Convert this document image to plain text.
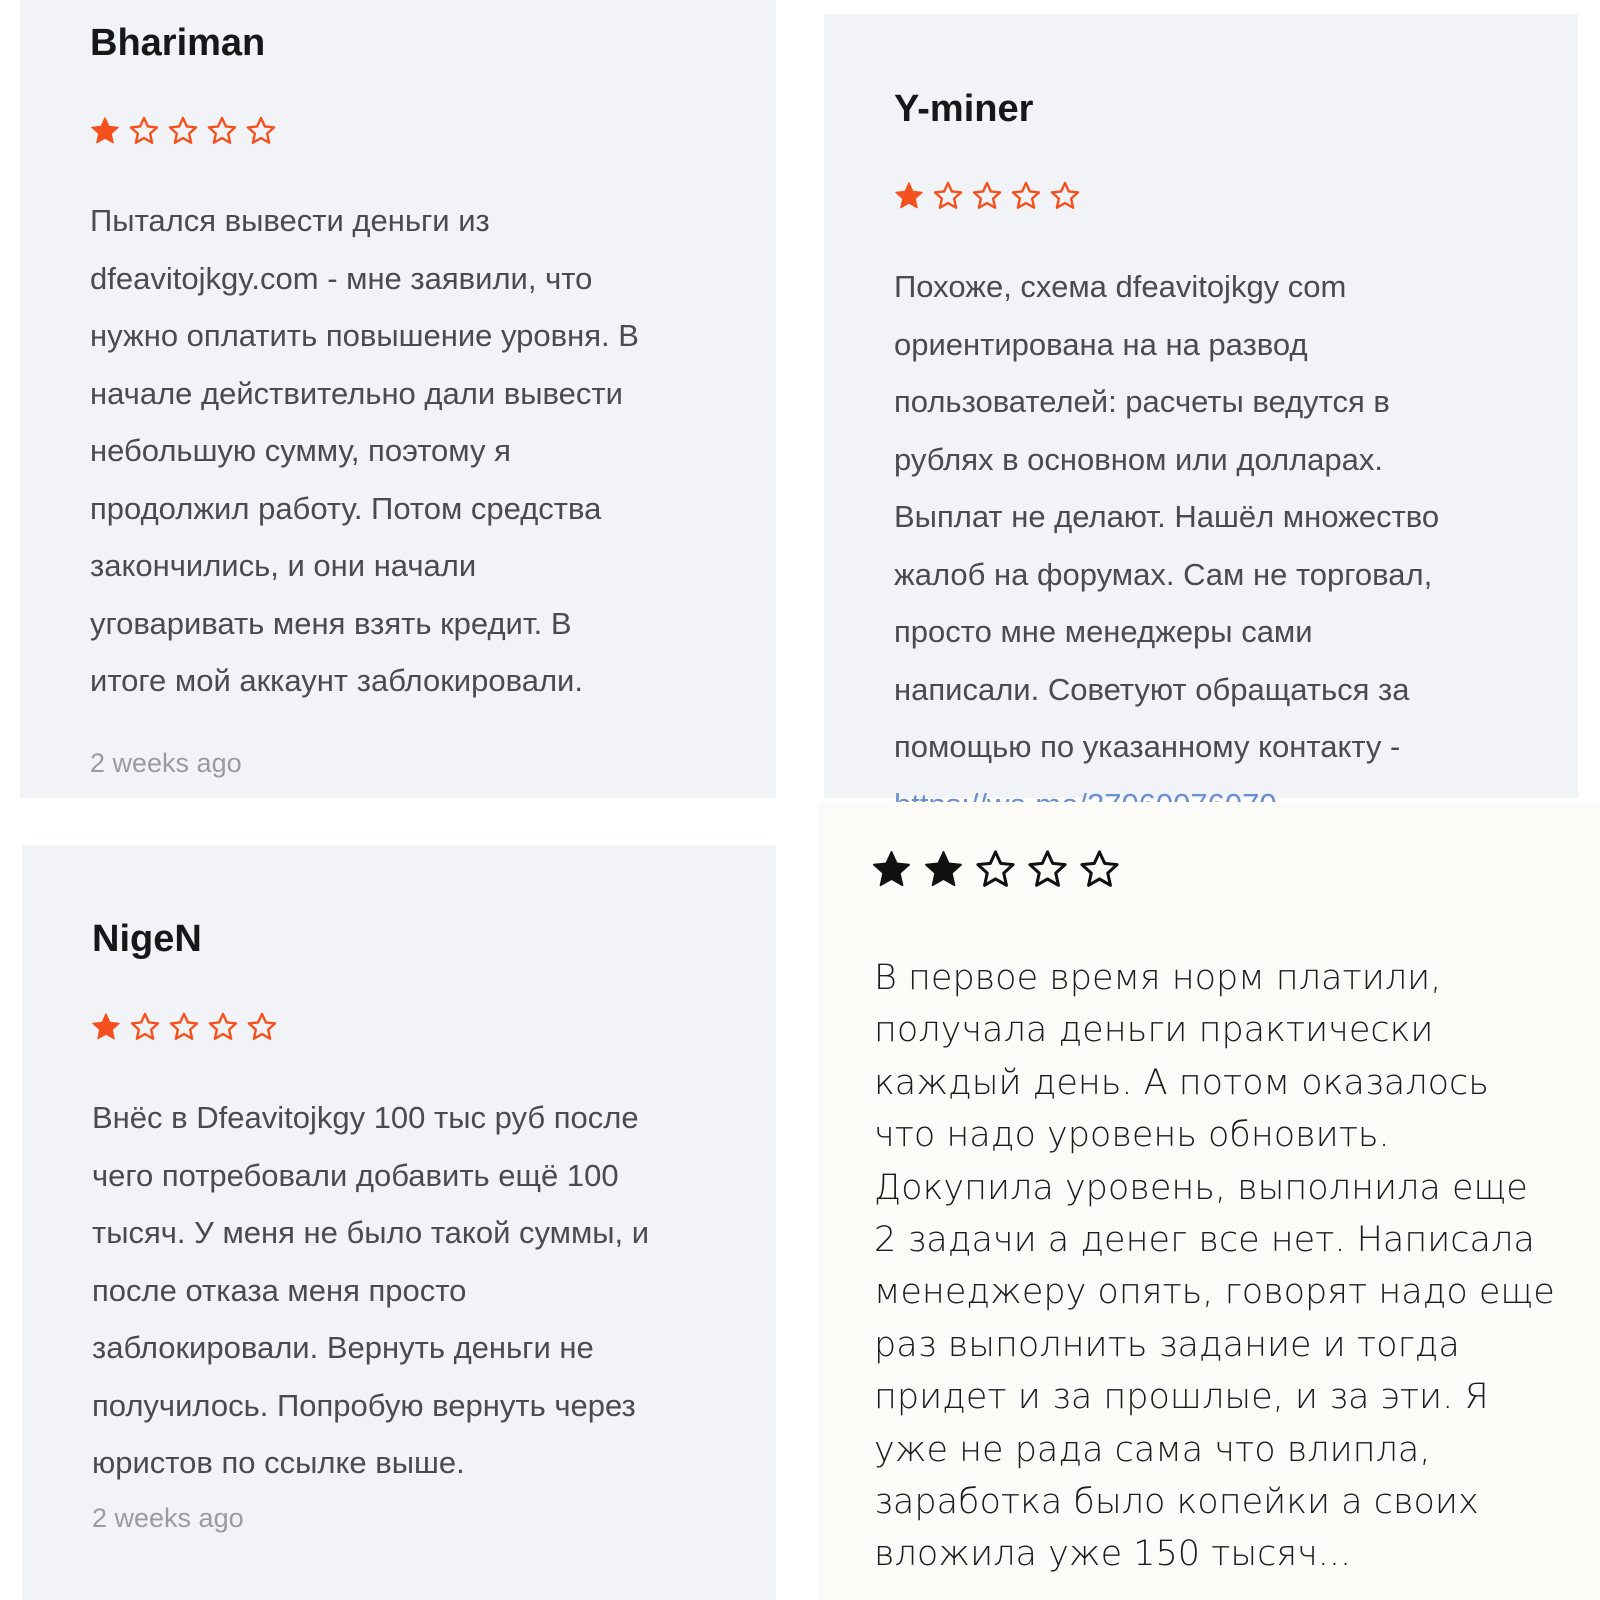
Bhariman

Пытался вывести деньги из
dfeavitojkgy.com - мне заявили, что
нужно оплатить повышение уровня. В
начале действительно дали вывести
небольшую сумму, поэтому я
продолжил работу. Потом средства
закончились, и они начали
уговаривать меня взять кредит. В
итоге мой аккаунт заблокировали.

2 weeks ago
Y-miner

Похоже, схема dfeavitojkgy com
ориентирована на на развод
пользователей: расчеты ведутся в
рублях в основном или долларах.
Выплат не делают. Нашёл множество
жалоб на форумах. Сам не торговал,
просто мне менеджеры сами
написали. Советуют обращаться за
помощью по указанному контакту -

NigeN

Внёс в Dfeavitojkgy 100 тыс руб после
чего потребовали добавить ещё 100
тысяч. У меня не было такой суммы, и
после отказа меня просто
заблокировали. Вернуть деньги не
получилось. Попробую вернуть через
юристов по ссылке выше.

2 weeks ago

В первое время норм платили,
получала деньги практически
каждый день. А потом оказалось
что надо уровень обновить.
Докупила уровень, выполнила еще
2 задачи а денег все нет. Написала
менеджеру опять, говорят надо еще
раз выполнить задание и тогда
придет и за прошлые, и за эти. Я
уже не рада сама что влипла,
заработка было копейки а своих
вложила уже 150 тысяч...
